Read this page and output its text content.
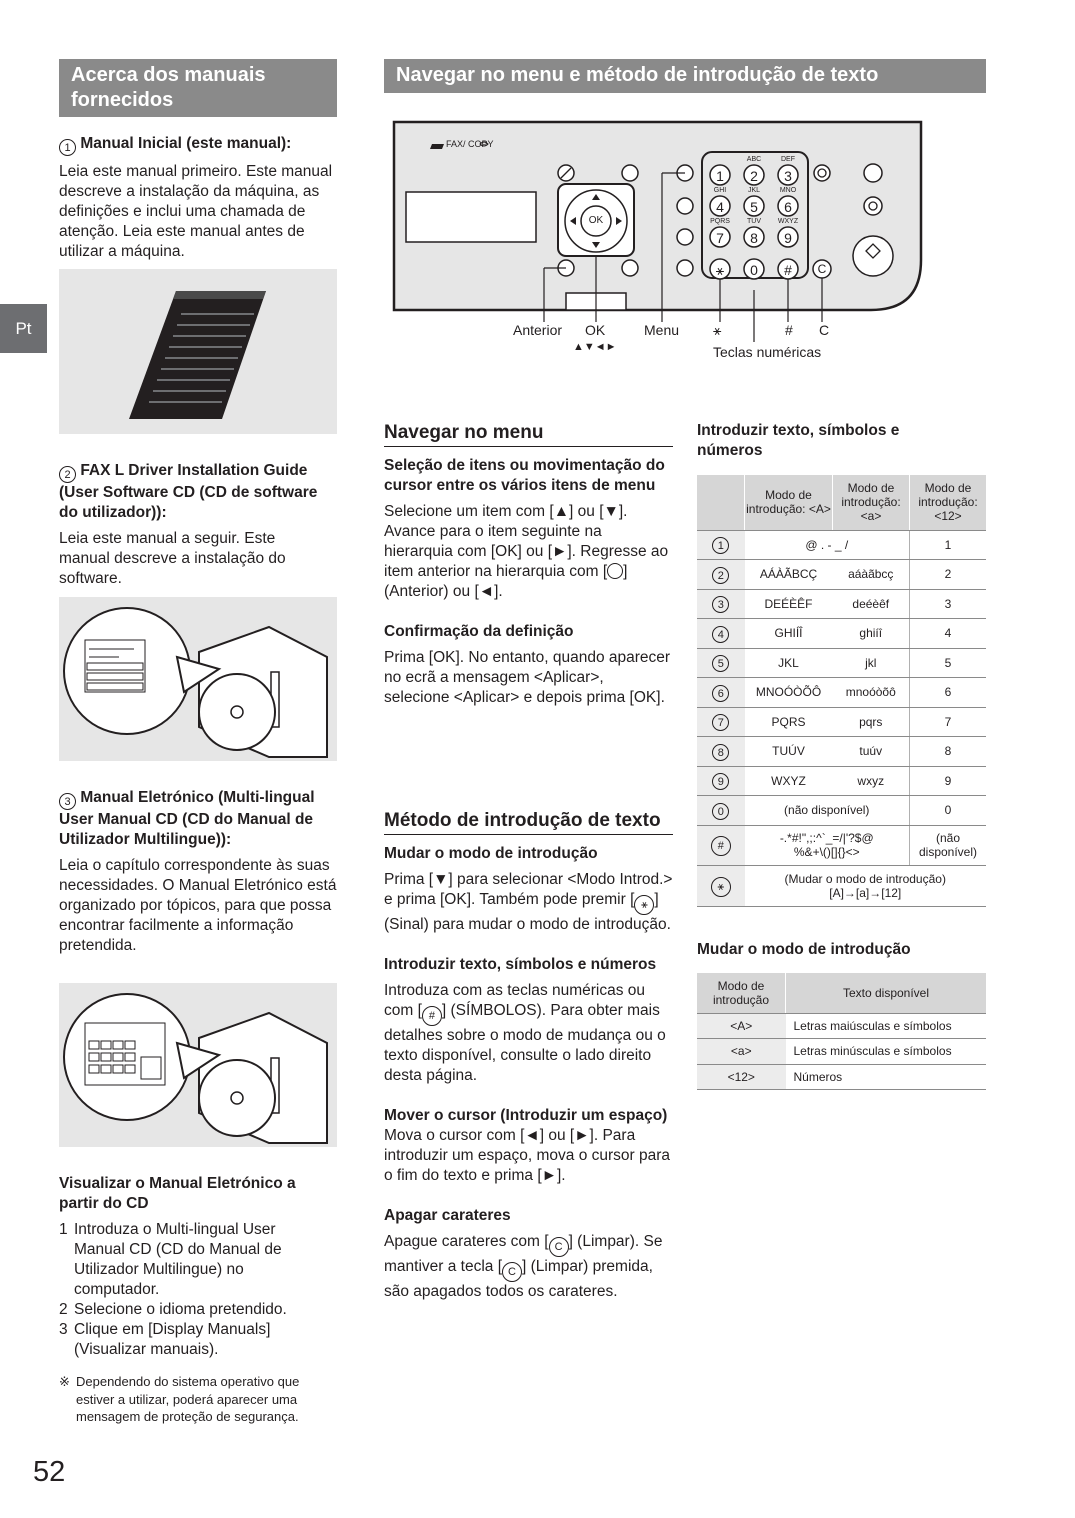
Pt
Acerca dos manuais fornecidos
1 Manual Inicial (este manual):
Leia este manual primeiro. Este manual descreve a instalação da máquina, as definições e inclui uma chamada de atenção. Leia este manual antes de utilizar a máquina.
2 FAX L Driver Installation Guide (User Software CD (CD de software do utilizador)):
Leia este manual a seguir. Este manual descreve a instalação do software.
3 Manual Eletrónico (Multi-lingual User Manual CD (CD do Manual de Utilizador Multilingue)):
Leia o capítulo correspondente às suas necessidades. O Manual Eletrónico está organizado por tópicos, para que possa encontrar facilmente a informação pretendida.
Visualizar o Manual Eletrónico a partir do CD
1 Introduza o Multi-lingual User Manual CD (CD do Manual de Utilizador Multilingue) no computador.
2 Selecione o idioma pretendido.
3 Clique em [Display Manuals] (Visualizar manuais).
※ Dependendo do sistema operativo que estiver a utilizar, poderá aparecer uma mensagem de proteção de segurança.
52
Navegar no menu e método de introdução de texto
FAX/ COPY
OK
1	2	3
4	5	6
7	8	9
0
⚹	#	C
ABC	DEF
GHI	JKL	MNO
PQRS	TUV	WXYZ
Anterior OK
▲▼◄►
Menu ⚹	# C
Teclas numéricas
Navegar no menu
Seleção de itens ou movimentação do cursor entre os vários itens de menu
Selecione um item com [▲] ou [▼]. Avance para o item seguinte na hierarquia com [OK] ou [►]. Regresse ao item anterior na hierarquia com [ ] (Anterior) ou [◄].
Confirmação da definição
Prima [OK]. No entanto, quando aparecer no ecrã a mensagem <Aplicar>, selecione <Aplicar> e depois prima [OK].
Método de introdução de texto
Mudar o modo de introdução
Prima [▼] para selecionar <Modo Introd.> e prima [OK]. Também pode premir [ ⚹ ] (Sinal) para mudar o modo de introdução.
Introduzir texto, símbolos e números
Introduza com as teclas numéricas ou com [ # ] (SÍMBOLOS). Para obter mais detalhes sobre o modo de mudança ou o texto disponível, consulte o lado direito desta página.
Mover o cursor (Introduzir um espaço)
Mova o cursor com [◄] ou [►]. Para introduzir um espaço, mova o cursor para o fim do texto e prima [►].
Apagar carateres
Apague carateres com [ C ] (Limpar). Se mantiver a tecla [ C ] (Limpar) premida, são apagados todos os carateres.
Introduzir texto, símbolos e números
	Modo de introdução: <A>	Modo de introdução: <a>	Modo de introdução: <12>
1	@ . - _ /		1
2	AÁÀÃBCÇ	aáàãbcç	2
3	DEÉÈÊF	deéèêf	3
4	GHIÍÎ	ghiíî	4
5	JKL	jkl	5
6	MNOÓÒÕÔ	mnoóòõô	6
7	PQRS	pqrs	7
8	TUÚV	tuúv	8
9	WXYZ	wxyz	9
0	(não disponível)		0
#	-.*#!",;:^`_=/|'?$@
%&+\()[]{}<>		(não disponível)
⚹	(Mudar o modo de introdução)
[A]→[a]→[12]		
Mudar o modo de introdução
Modo de introdução	Texto disponível
<A>	Letras maiúsculas e símbolos
<a>	Letras minúsculas e símbolos
<12>	Números
